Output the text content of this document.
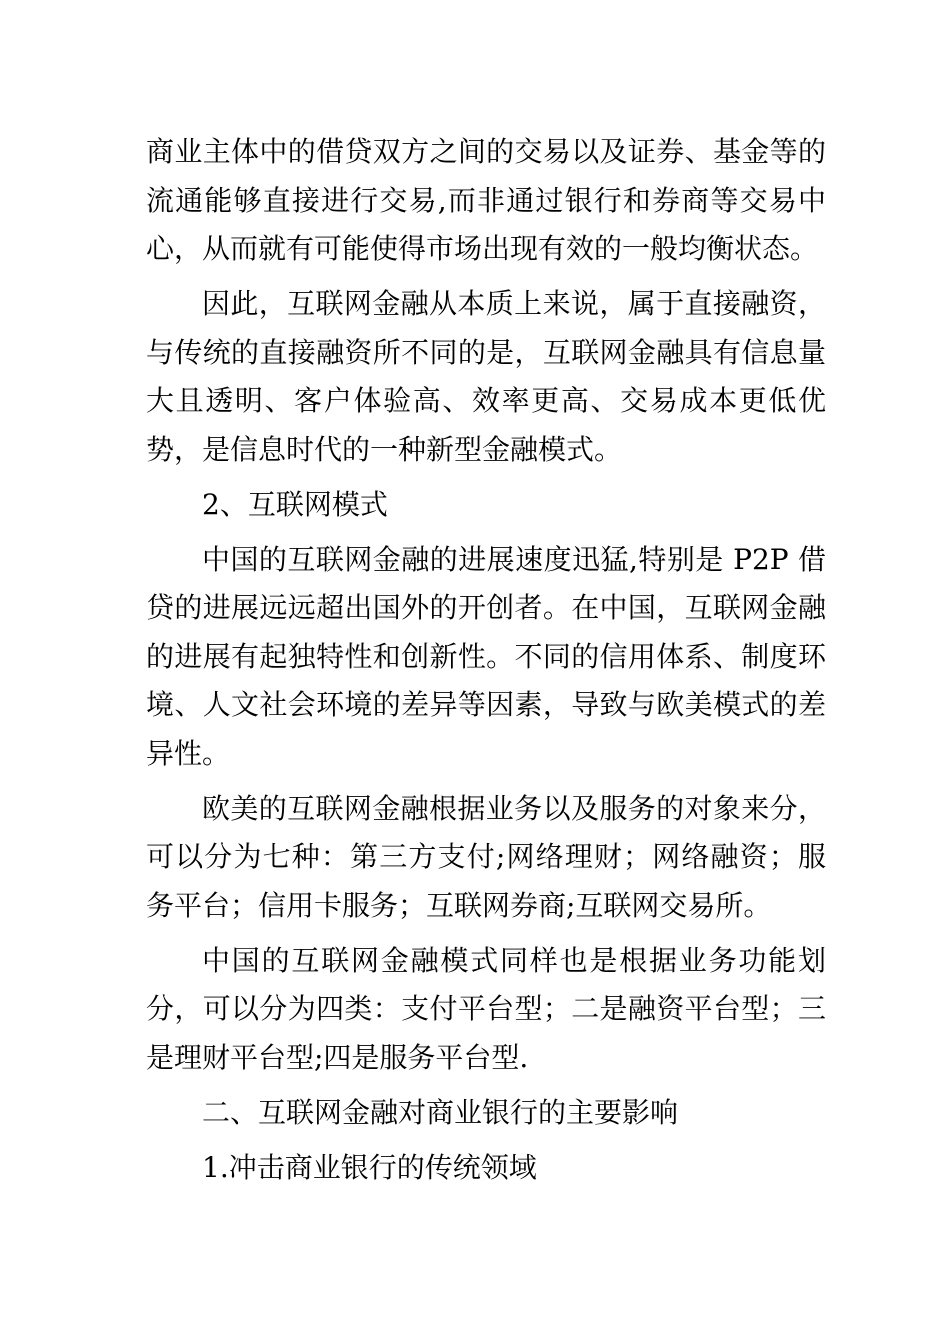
商业主体中的借贷双方之间的交易以及证券、基金等的流通能够直接进行交易,而非通过银行和券商等交易中心，从而就有可能使得市场出现有效的一般均衡状态。

因此，互联网金融从本质上来说，属于直接融资，与传统的直接融资所不同的是，互联网金融具有信息量大且透明、客户体验高、效率更高、交易成本更低优势，是信息时代的一种新型金融模式。

2、互联网模式

中国的互联网金融的进展速度迅猛,特别是 P2P 借贷的进展远远超出国外的开创者。在中国，互联网金融的进展有起独特性和创新性。不同的信用体系、制度环境、人文社会环境的差异等因素，导致与欧美模式的差异性。

欧美的互联网金融根据业务以及服务的对象来分，可以分为七种：第三方支付;网络理财；网络融资；服务平台；信用卡服务；互联网券商;互联网交易所。

中国的互联网金融模式同样也是根据业务功能划分，可以分为四类：支付平台型；二是融资平台型；三是理财平台型;四是服务平台型.

二、互联网金融对商业银行的主要影响

1.冲击商业银行的传统领域
